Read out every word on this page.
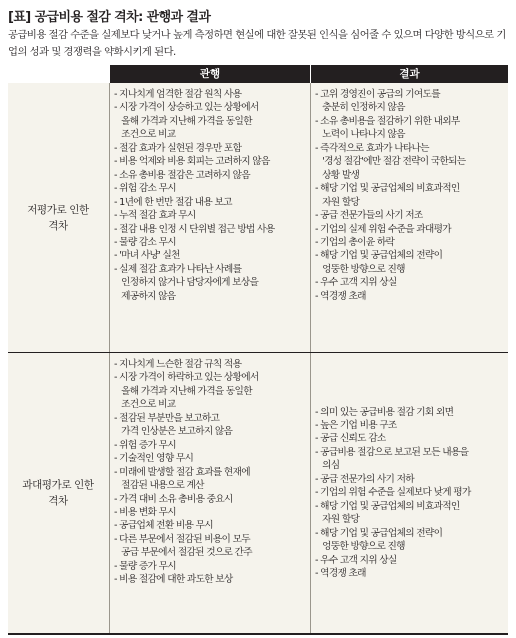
[표] 공급비용 절감 격차: 관행과 결과
공급비용 절감 수준을 실제보다 낮거나 높게 측정하면 현실에 대한 잘못된 인식을 심어줄 수 있으며 다양한 방식으로 기업의 성과 및 경쟁력을 약화시키게 된다.
관행	결과
저평가로 인한
격차
- 지나치게 엄격한 절감 원칙 사용
- 시장 가격이 상승하고 있는 상황에서
올해 가격과 지난해 가격을 동일한
조건으로 비교
- 절감 효과가 실현된 경우만 포함
- 비용 억제와 비용 회피는 고려하지 않음
- 소유 총비용 절감은 고려하지 않음
- 위험 감소 무시
- 1년에 한 번만 절감 내용 보고
- 누적 절감 효과 무시
- 절감 내용 인정 시 단위별 접근 방법 사용
- 물량 감소 무시
- '마녀 사냥' 실천
- 실제 절감 효과가 나타난 사례를
인정하지 않거나 담당자에게 보상을
제공하지 않음
- 고위 경영진이 공급의 기여도를
충분히 인정하지 않음
- 소유 총비용을 절감하기 위한 내외부
노력이 나타나지 않음
- 즉각적으로 효과가 나타나는
'경성 절감'에만 절감 전략이 국한되는
상황 발생
- 해당 기업 및 공급업체의 비효과적인
자원 할당
- 공급 전문가들의 사기 저조
- 기업의 실제 위험 수준을 과대평가
- 기업의 총이윤 하락
- 해당 기업 및 공급업체의 전략이
엉뚱한 방향으로 진행
- 우수 고객 지위 상실
- 역경쟁 초래
과대평가로 인한
격차
- 지나치게 느슨한 절감 규칙 적용
- 시장 가격이 하락하고 있는 상황에서
올해 가격과 지난해 가격을 동일한
조건으로 비교
- 절감된 부분만을 보고하고
가격 인상분은 보고하지 않음
- 위험 증가 무시
- 기술적인 영향 무시
- 미래에 발생할 절감 효과를 현재에
절감된 내용으로 계산
- 가격 대비 소유 총비용 중요시
- 비용 변화 무시
- 공급업체 전환 비용 무시
- 다른 부문에서 절감된 비용이 모두
공급 부문에서 절감된 것으로 간주
- 물량 증가 무시
- 비용 절감에 대한 과도한 보상
- 의미 있는 공급비용 절감 기회 외면
- 높은 기업 비용 구조
- 공급 신뢰도 감소
- 공급비용 절감으로 보고된 모든 내용을
의심
- 공급 전문가의 사기 저하
- 기업의 위험 수준을 실제보다 낮게 평가
- 해당 기업 및 공급업체의 비효과적인
자원 할당
- 해당 기업 및 공급업체의 전략이
엉뚱한 방향으로 진행
- 우수 고객 지위 상실
- 역경쟁 초래
